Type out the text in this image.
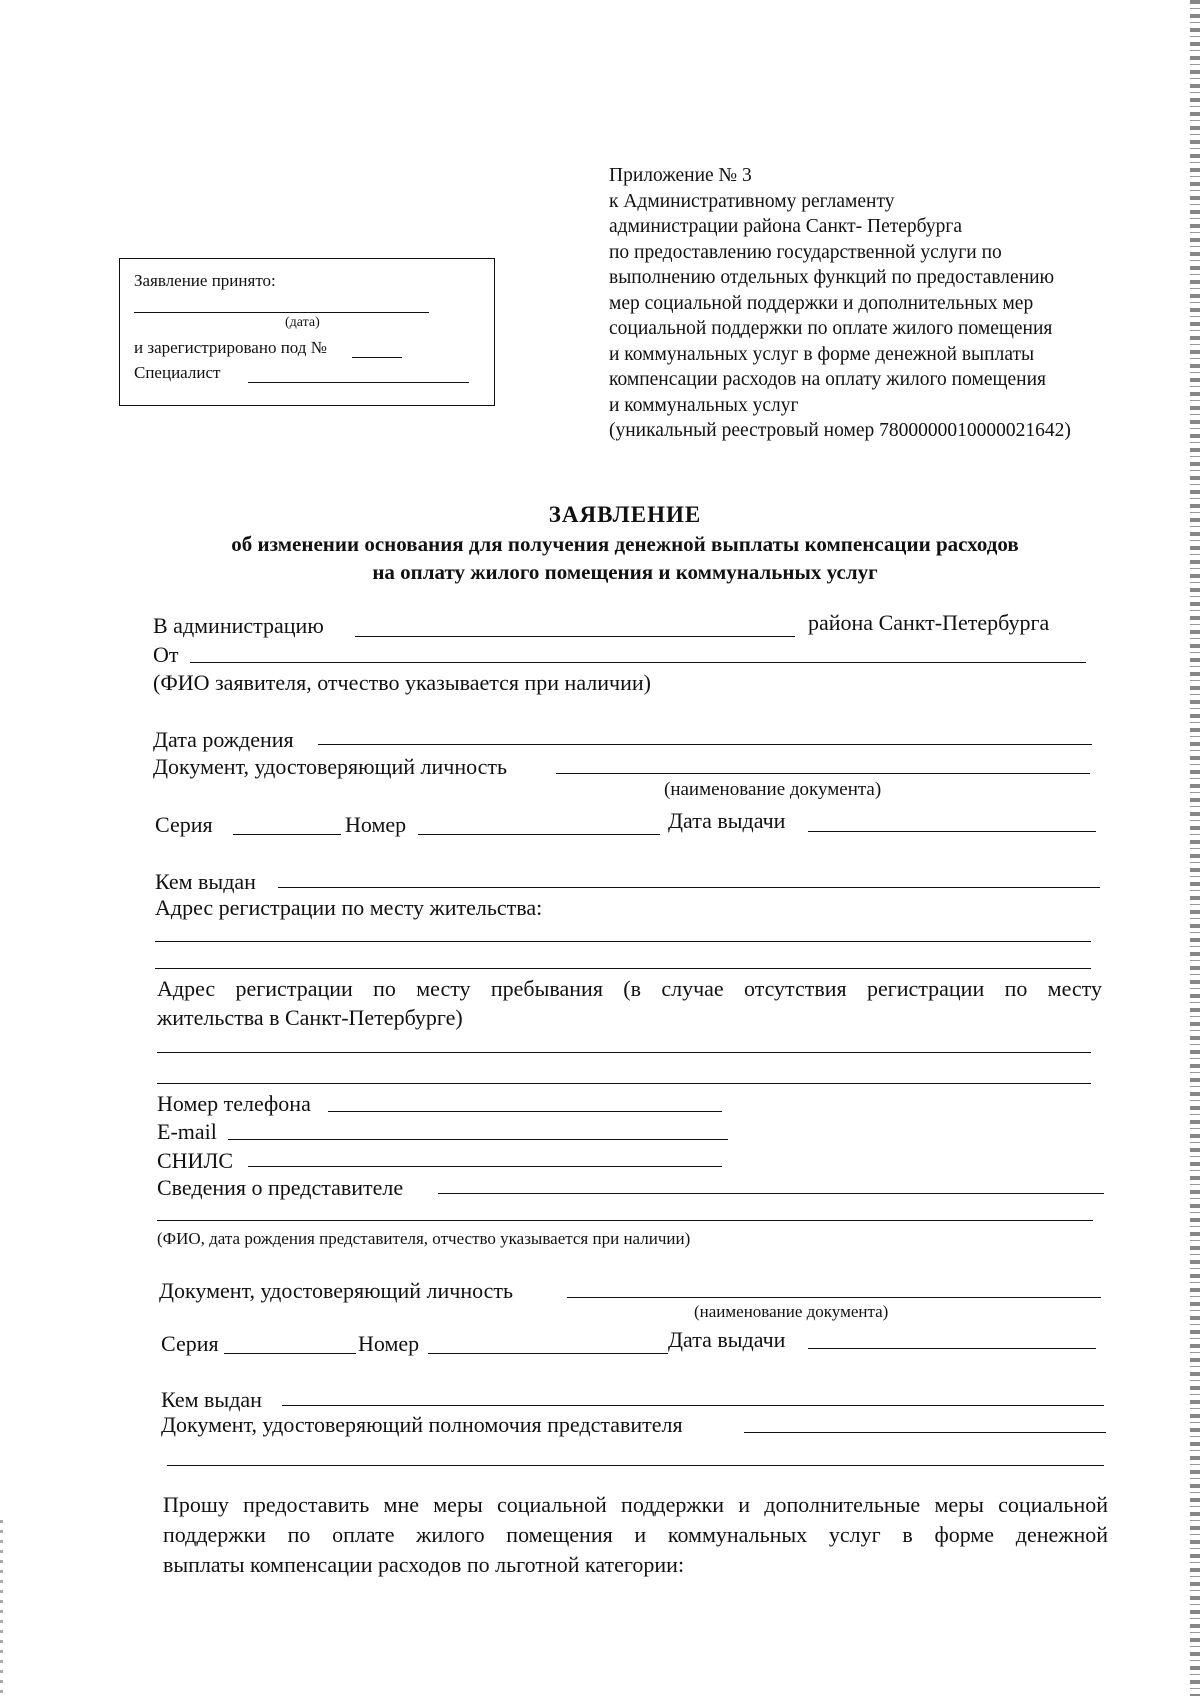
Приложение № 3
к Административному регламенту
администрации района Санкт- Петербурга
по предоставлению государственной услуги по
выполнению отдельных функций по предоставлению
мер социальной поддержки и дополнительных мер
социальной поддержки по оплате жилого помещения
и коммунальных услуг в форме денежной выплаты
компенсации расходов на оплату жилого помещения
и коммунальных услуг
(уникальный реестровый номер 7800000010000021642)
Заявление принято:
(дата)
и зарегистрировано под №
Специалист
ЗАЯВЛЕНИЕ
об изменении основания для получения денежной выплаты компенсации расходов
на оплату жилого помещения и коммунальных услуг
В администрацию	района Санкт-Петербурга
От
(ФИО заявителя, отчество указывается при наличии)
Дата рождения
Документ, удостоверяющий личность
(наименование документа)
Серия	Номер	Дата выдачи
Кем выдан
Адрес регистрации по месту жительства:
Адрес регистрации по месту пребывания (в случае отсутствия регистрации по месту
жительства в Санкт-Петербурге)
Номер телефона
E-mail
СНИЛС
Сведения о представителе
(ФИО, дата рождения представителя, отчество указывается при наличии)
Документ, удостоверяющий личность
(наименование документа)
Серия	Номер	Дата выдачи
Кем выдан
Документ, удостоверяющий полномочия представителя
Прошу предоставить мне меры социальной поддержки и дополнительные меры социальной
поддержки по оплате жилого помещения и коммунальных услуг в форме денежной
выплаты компенсации расходов по льготной категории:
